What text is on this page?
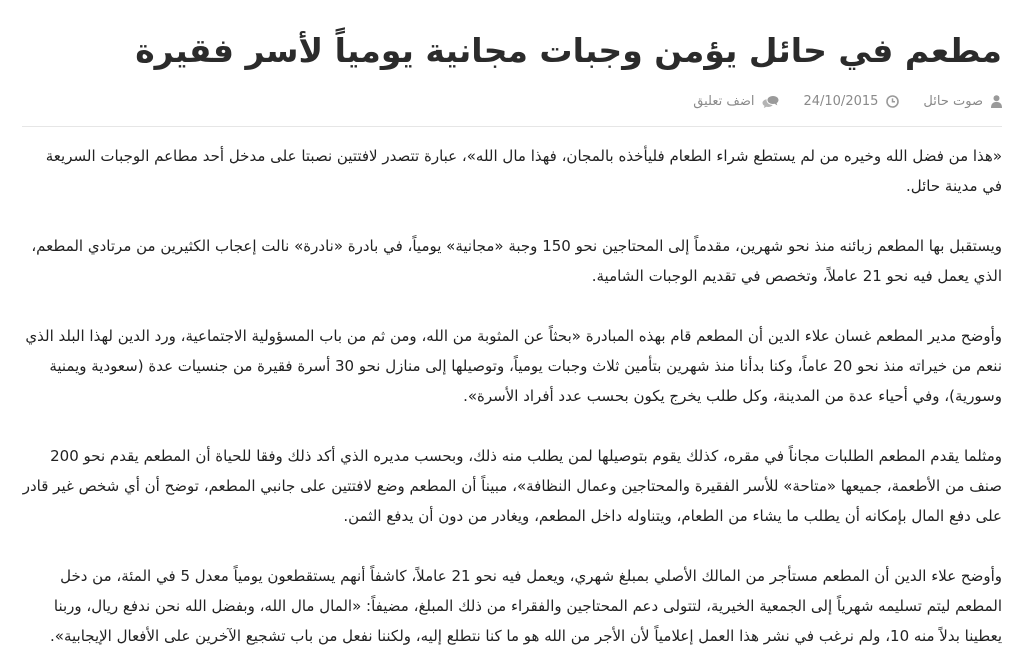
مطعم في حائل يؤمن وجبات مجانية يومياً لأسر فقيرة
صوت حائل
24/10/2015
اضف تعليق

«هذا من فضل الله وخيره من لم يستطع شراء الطعام فليأخذه بالمجان، فهذا مال الله»، عبارة تتصدر لافتتين نصبتا على مدخل أحد مطاعم الوجبات السريعة في مدينة حائل.

ويستقبل بها المطعم زبائنه منذ نحو شهرين، مقدماً إلى المحتاجين نحو 150 وجبة «مجانية» يومياً، في بادرة «نادرة» نالت إعجاب الكثيرين من مرتادي المطعم، الذي يعمل فيه نحو 21 عاملاً، وتخصص في تقديم الوجبات الشامية.

وأوضح مدير المطعم غسان علاء الدين أن المطعم قام بهذه المبادرة «بحثاً عن المثوبة من الله، ومن ثم من باب المسؤولية الاجتماعية، ورد الدين لهذا البلد الذي ننعم من خيراته منذ نحو 20 عاماً، وكنا بدأنا منذ شهرين بتأمين ثلاث وجبات يومياً، وتوصيلها إلى منازل نحو 30 أسرة فقيرة من جنسيات عدة (سعودية ويمنية وسورية)، وفي أحياء عدة من المدينة، وكل طلب يخرج يكون بحسب عدد أفراد الأسرة».

ومثلما يقدم المطعم الطلبات مجاناً في مقره، كذلك يقوم بتوصيلها لمن يطلب منه ذلك، وبحسب مديره الذي أكد ذلك وفقا للحياة أن المطعم يقدم نحو 200 صنف من الأطعمة، جميعها «متاحة» للأسر الفقيرة والمحتاجين وعمال النظافة»، مبيناً أن المطعم وضع لافتتين على جانبي المطعم، توضح أن أي شخص غير قادر على دفع المال بإمكانه أن يطلب ما يشاء من الطعام، ويتناوله داخل المطعم، ويغادر من دون أن يدفع الثمن.

وأوضح علاء الدين أن المطعم مستأجر من المالك الأصلي بمبلغ شهري، ويعمل فيه نحو 21 عاملاً، كاشفاً أنهم يستقطعون يومياً معدل 5 في المئة، من دخل المطعم ليتم تسليمه شهرياً إلى الجمعية الخيرية، لتتولى دعم المحتاجين والفقراء من ذلك المبلغ، مضيفاً: «المال مال الله، وبفضل الله نحن ندفع ريال، وربنا يعطينا بدلاً منه 10، ولم نرغب في نشر هذا العمل إعلامياً لأن الأجر من الله هو ما كنا نتطلع إليه، ولكننا نفعل من باب تشجيع الآخرين على الأفعال الإيجابية».
